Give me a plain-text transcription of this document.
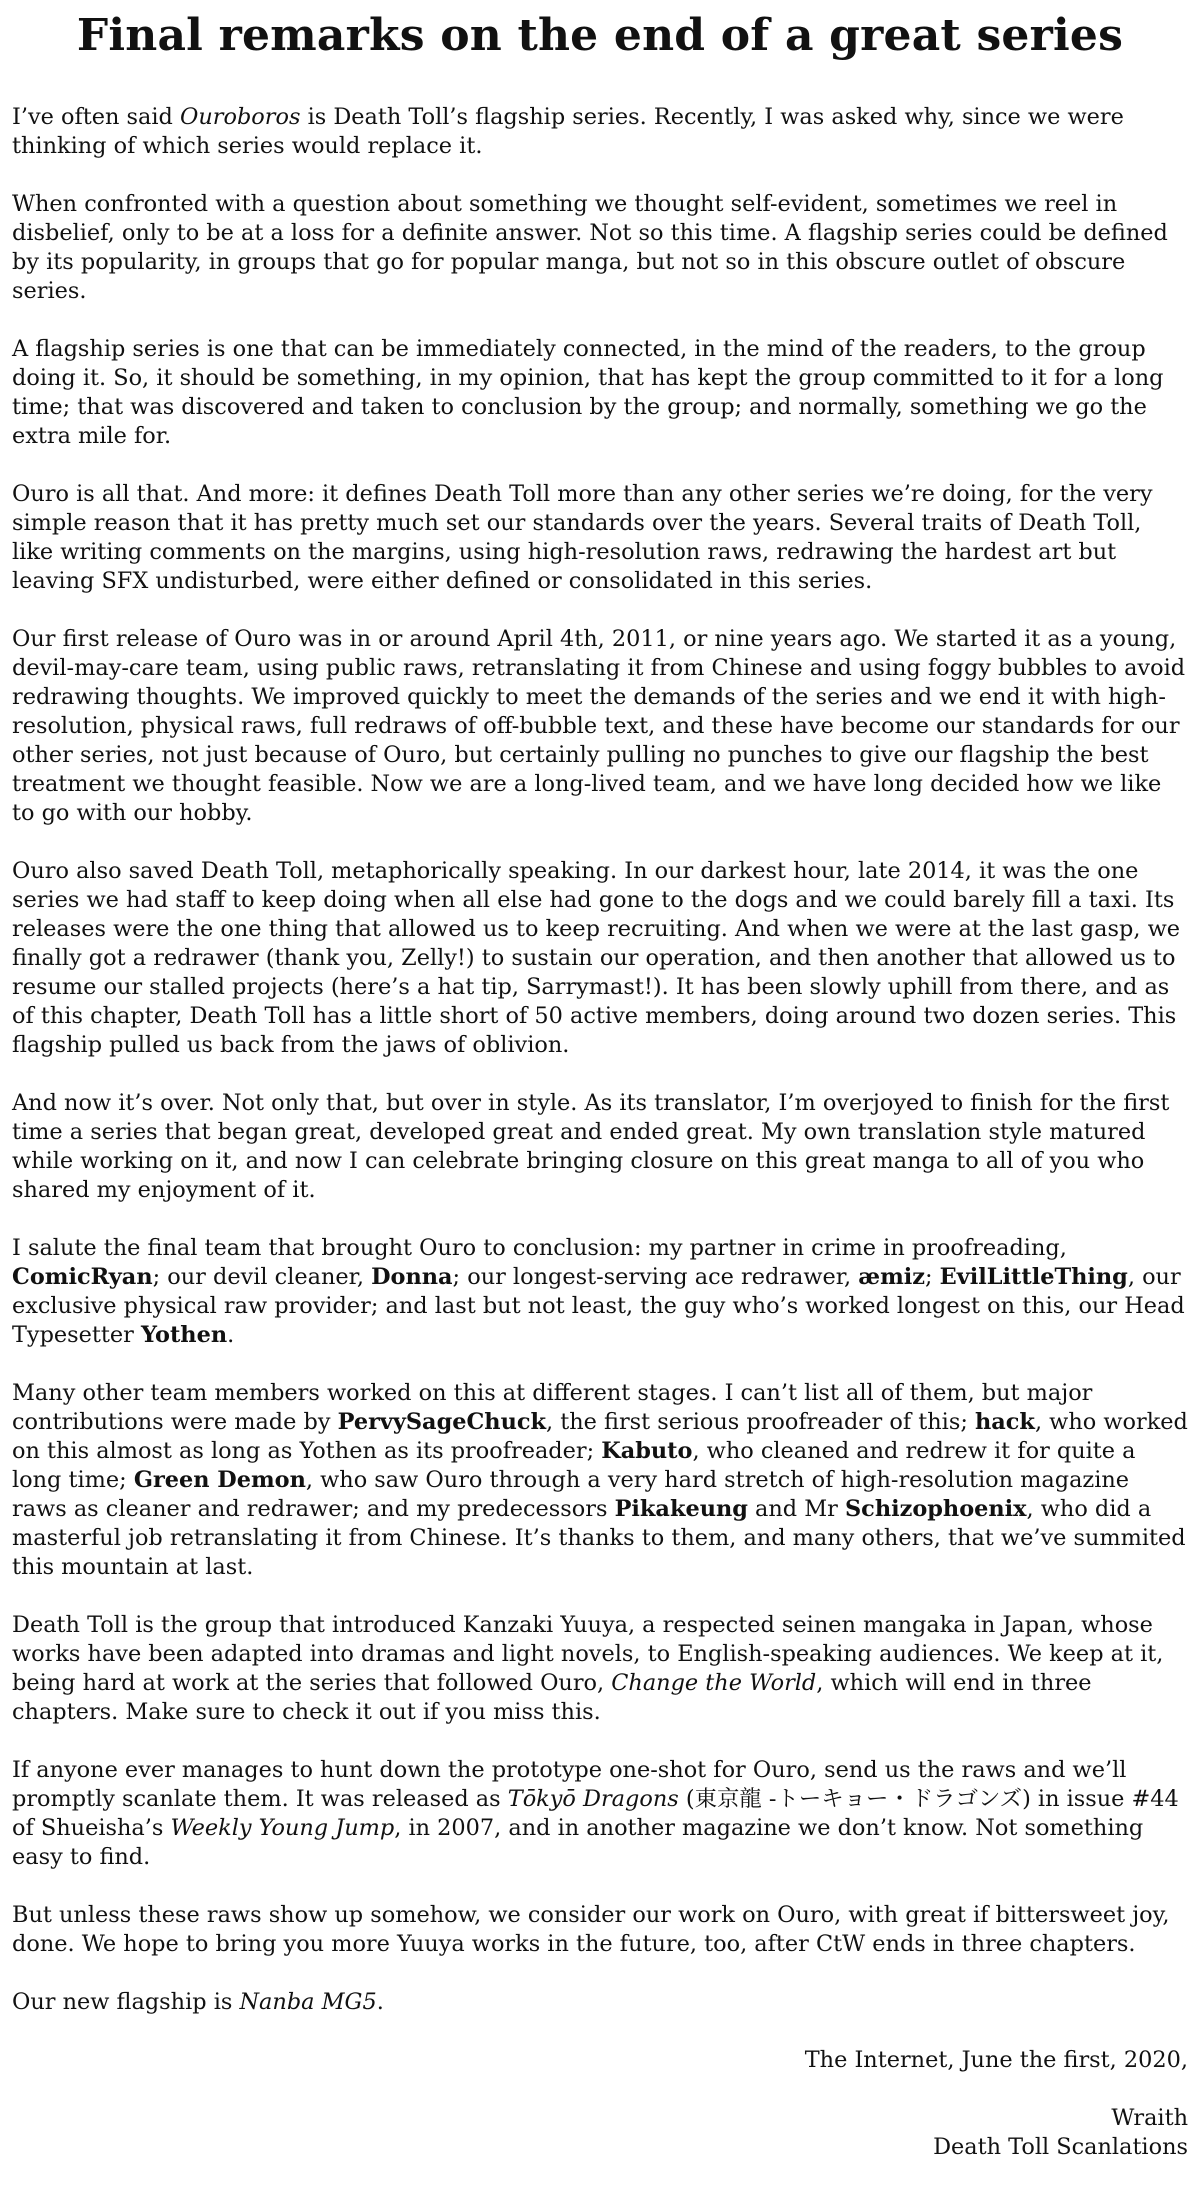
Final remarks on the end of a great series

I’ve often said Ouroboros is Death Toll’s flagship series. Recently, I was asked why, since we were thinking of which series would replace it.

When confronted with a question about something we thought self-evident, sometimes we reel in disbelief, only to be at a loss for a definite answer. Not so this time. A flagship series could be defined by its popularity, in groups that go for popular manga, but not so in this obscure outlet of obscure series.

A flagship series is one that can be immediately connected, in the mind of the readers, to the group doing it. So, it should be something, in my opinion, that has kept the group committed to it for a long time; that was discovered and taken to conclusion by the group; and normally, something we go the extra mile for.

Ouro is all that. And more: it defines Death Toll more than any other series we’re doing, for the very simple reason that it has pretty much set our standards over the years. Several traits of Death Toll, like writing comments on the margins, using high-resolution raws, redrawing the hardest art but leaving SFX undisturbed, were either defined or consolidated in this series.

Our first release of Ouro was in or around April 4th, 2011, or nine years ago. We started it as a young, devil-may-care team, using public raws, retranslating it from Chinese and using foggy bubbles to avoid redrawing thoughts. We improved quickly to meet the demands of the series and we end it with high-resolution, physical raws, full redraws of off-bubble text, and these have become our standards for our other series, not just because of Ouro, but certainly pulling no punches to give our flagship the best treatment we thought feasible. Now we are a long-lived team, and we have long decided how we like to go with our hobby.

Ouro also saved Death Toll, metaphorically speaking. In our darkest hour, late 2014, it was the one series we had staff to keep doing when all else had gone to the dogs and we could barely fill a taxi. Its releases were the one thing that allowed us to keep recruiting. And when we were at the last gasp, we finally got a redrawer (thank you, Zelly!) to sustain our operation, and then another that allowed us to resume our stalled projects (here’s a hat tip, Sarrymast!). It has been slowly uphill from there, and as of this chapter, Death Toll has a little short of 50 active members, doing around two dozen series. This flagship pulled us back from the jaws of oblivion.

And now it’s over. Not only that, but over in style. As its translator, I’m overjoyed to finish for the first time a series that began great, developed great and ended great. My own translation style matured while working on it, and now I can celebrate bringing closure on this great manga to all of you who shared my enjoyment of it.

I salute the final team that brought Ouro to conclusion: my partner in crime in proofreading, ComicRyan; our devil cleaner, Donna; our longest-serving ace redrawer, æmiz; EvilLittleThing, our exclusive physical raw provider; and last but not least, the guy who’s worked longest on this, our Head Typesetter Yothen.

Many other team members worked on this at different stages. I can’t list all of them, but major contributions were made by PervySageChuck, the first serious proofreader of this; hack, who worked on this almost as long as Yothen as its proofreader; Kabuto, who cleaned and redrew it for quite a long time; Green Demon, who saw Ouro through a very hard stretch of high-resolution magazine raws as cleaner and redrawer; and my predecessors Pikakeung and Mr Schizophoenix, who did a masterful job retranslating it from Chinese. It’s thanks to them, and many others, that we’ve summited this mountain at last.

Death Toll is the group that introduced Kanzaki Yuuya, a respected seinen mangaka in Japan, whose works have been adapted into dramas and light novels, to English-speaking audiences. We keep at it, being hard at work at the series that followed Ouro, Change the World, which will end in three chapters. Make sure to check it out if you miss this.

If anyone ever manages to hunt down the prototype one-shot for Ouro, send us the raws and we’ll promptly scanlate them. It was released as Tōkyō Dragons (東京龍 -トーキョー・ドラゴンズ) in issue #44 of Shueisha’s Weekly Young Jump, in 2007, and in another magazine we don’t know. Not something easy to find.

But unless these raws show up somehow, we consider our work on Ouro, with great if bittersweet joy, done. We hope to bring you more Yuuya works in the future, too, after CtW ends in three chapters.

Our new flagship is Nanba MG5.

The Internet, June the first, 2020,

Wraith

Death Toll Scanlations
